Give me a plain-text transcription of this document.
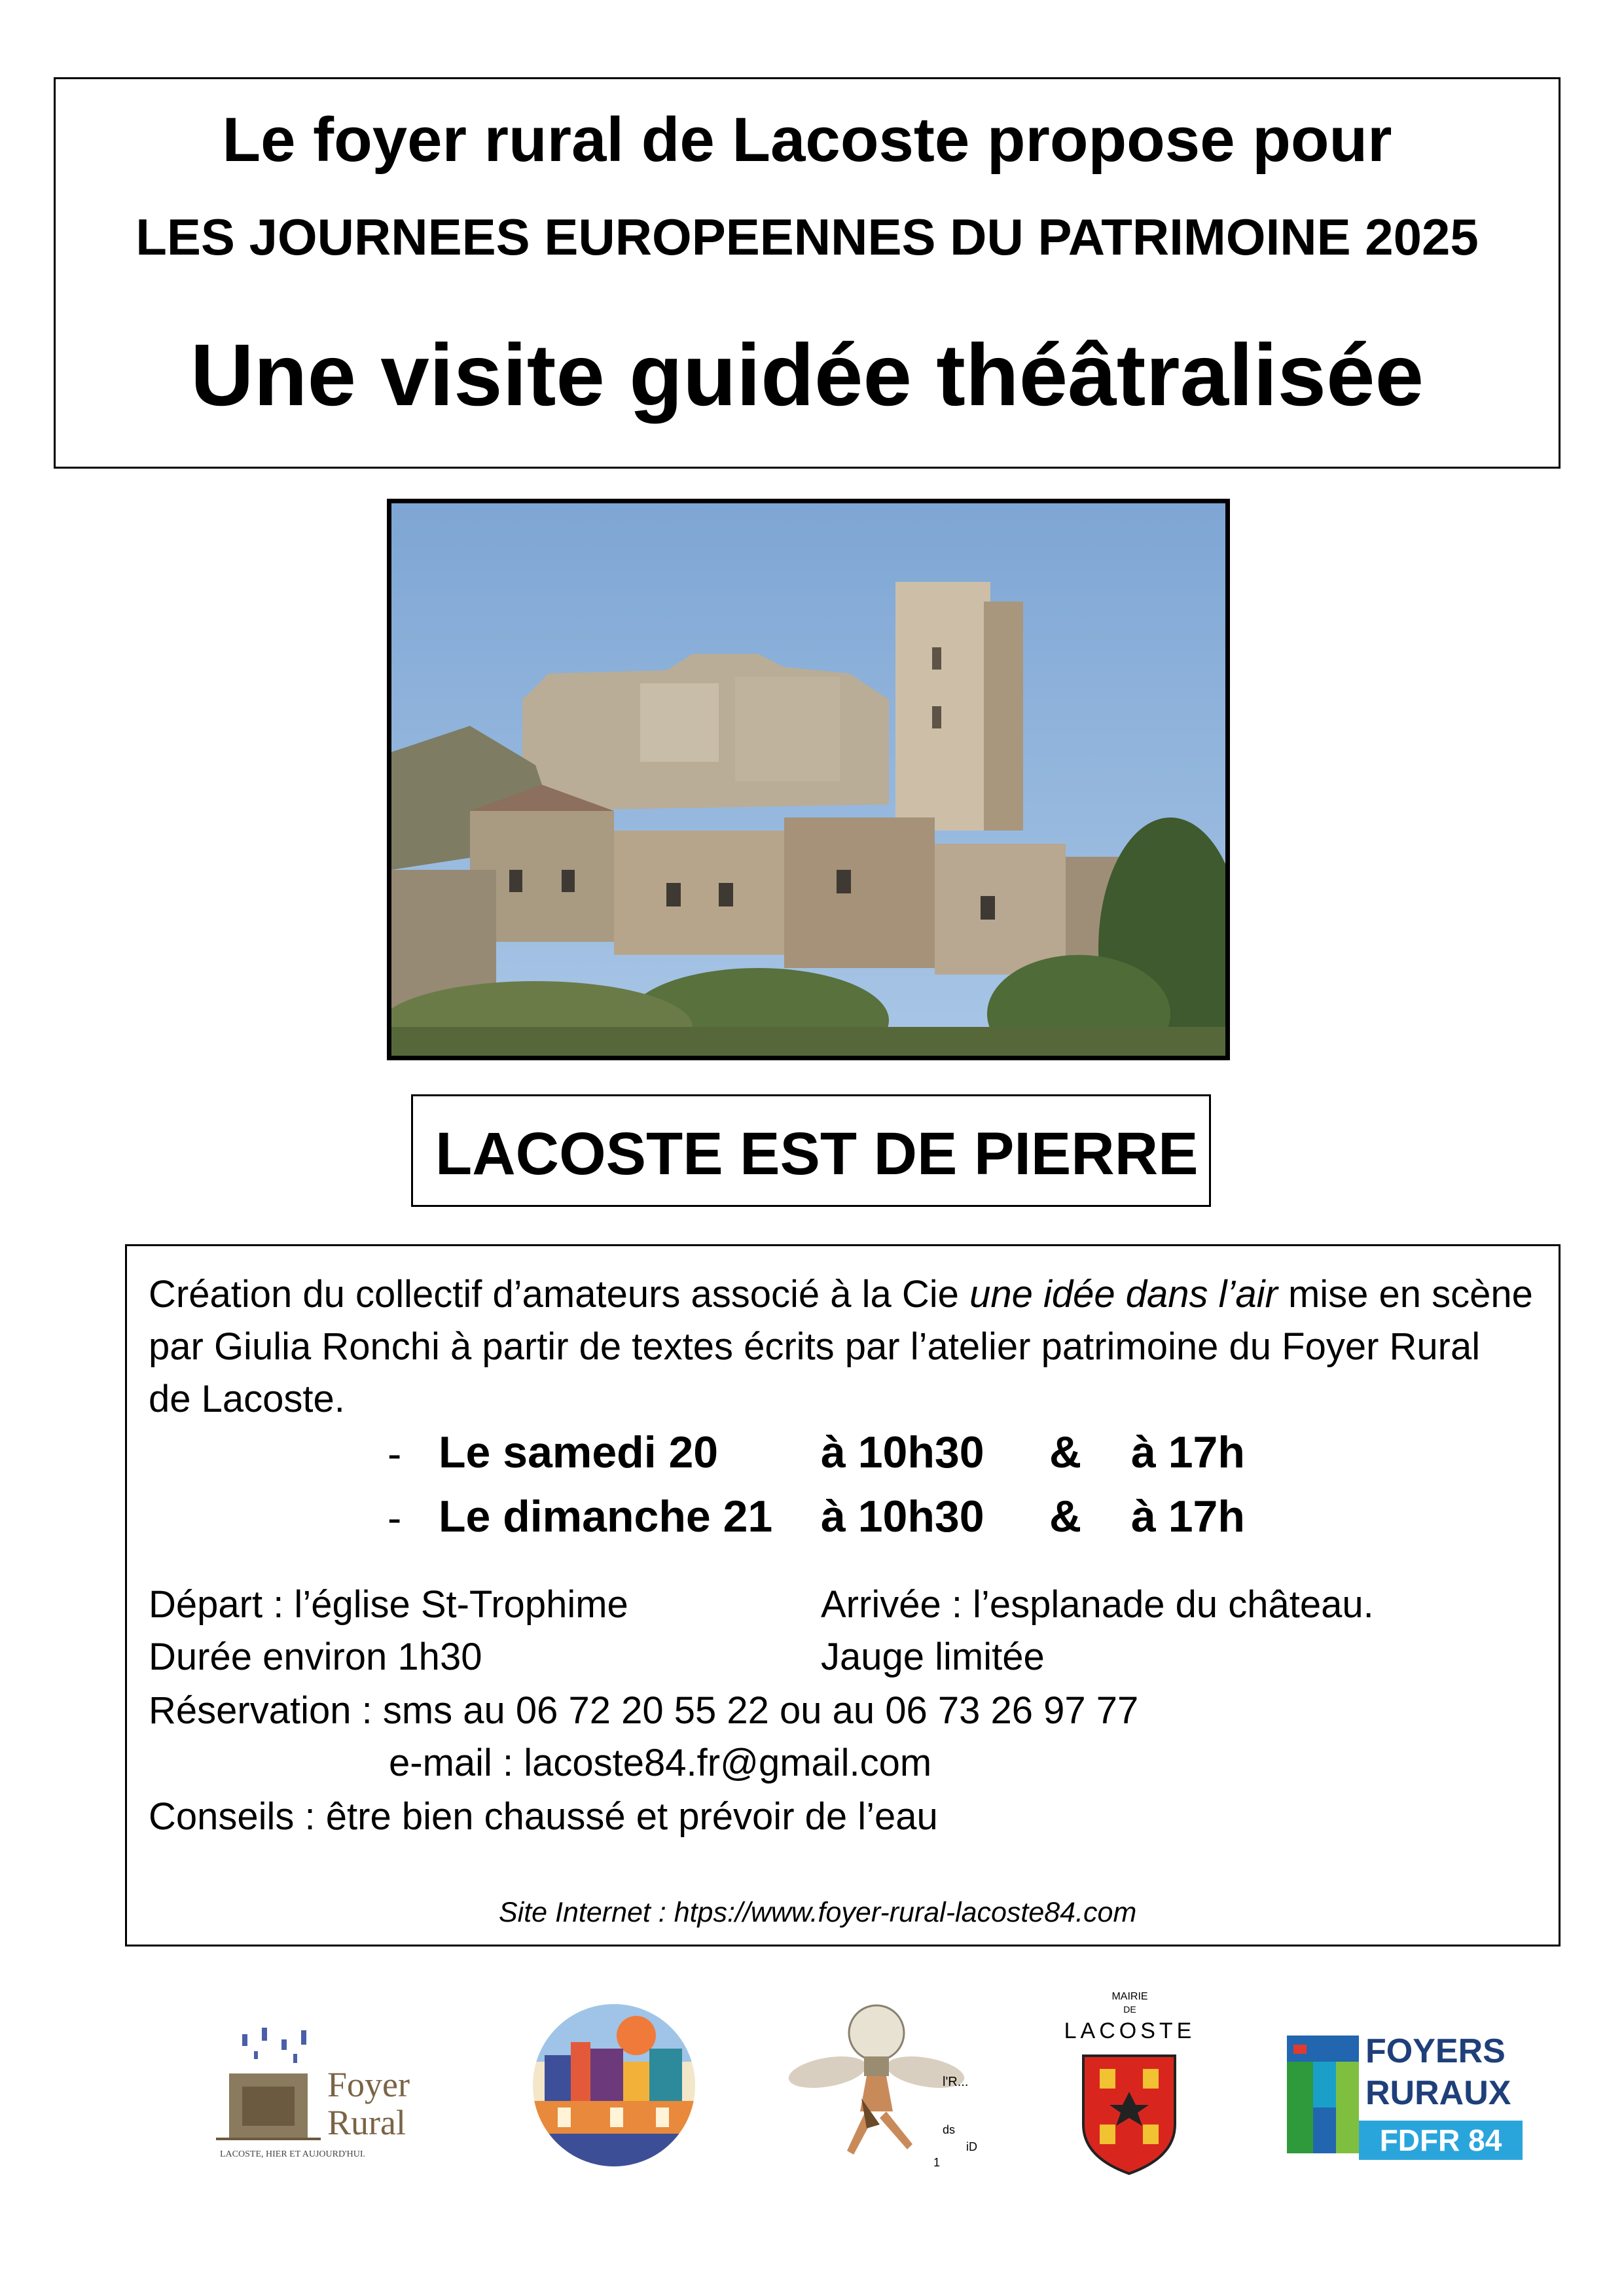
Le foyer rural de Lacoste propose pour
LES JOURNEES EUROPEENNES DU PATRIMOINE 2025
Une visite guidée théâtralisée
LACOSTE EST DE PIERRE
Création du collectif d’amateurs associé à la Cie une idée dans l’air mise en scène
par Giulia Ronchi à partir de textes écrits par l’atelier patrimoine du Foyer Rural
de Lacoste.
- Le samedi 20 à 10h30 & à 17h
- Le dimanche 21 à 10h30 & à 17h
Départ : l’église St-Trophime	Arrivée : l’esplanade du château.
Durée environ 1h30	Jauge limitée
Réservation : sms au 06 72 20 55 22 ou au 06 73 26 97 77
e-mail : lacoste84.fr@gmail.com
Conseils : être bien chaussé et prévoir de l’eau
Site Internet : htps://www.foyer-rural-lacoste84.com
Foyer
Rural
LACOSTE, HIER ET AUJOURD'HUI.
l'R...
ds
iD
1
MAIRIE
DE
LACOSTE
FOYERS
RURAUX
FDFR 84
